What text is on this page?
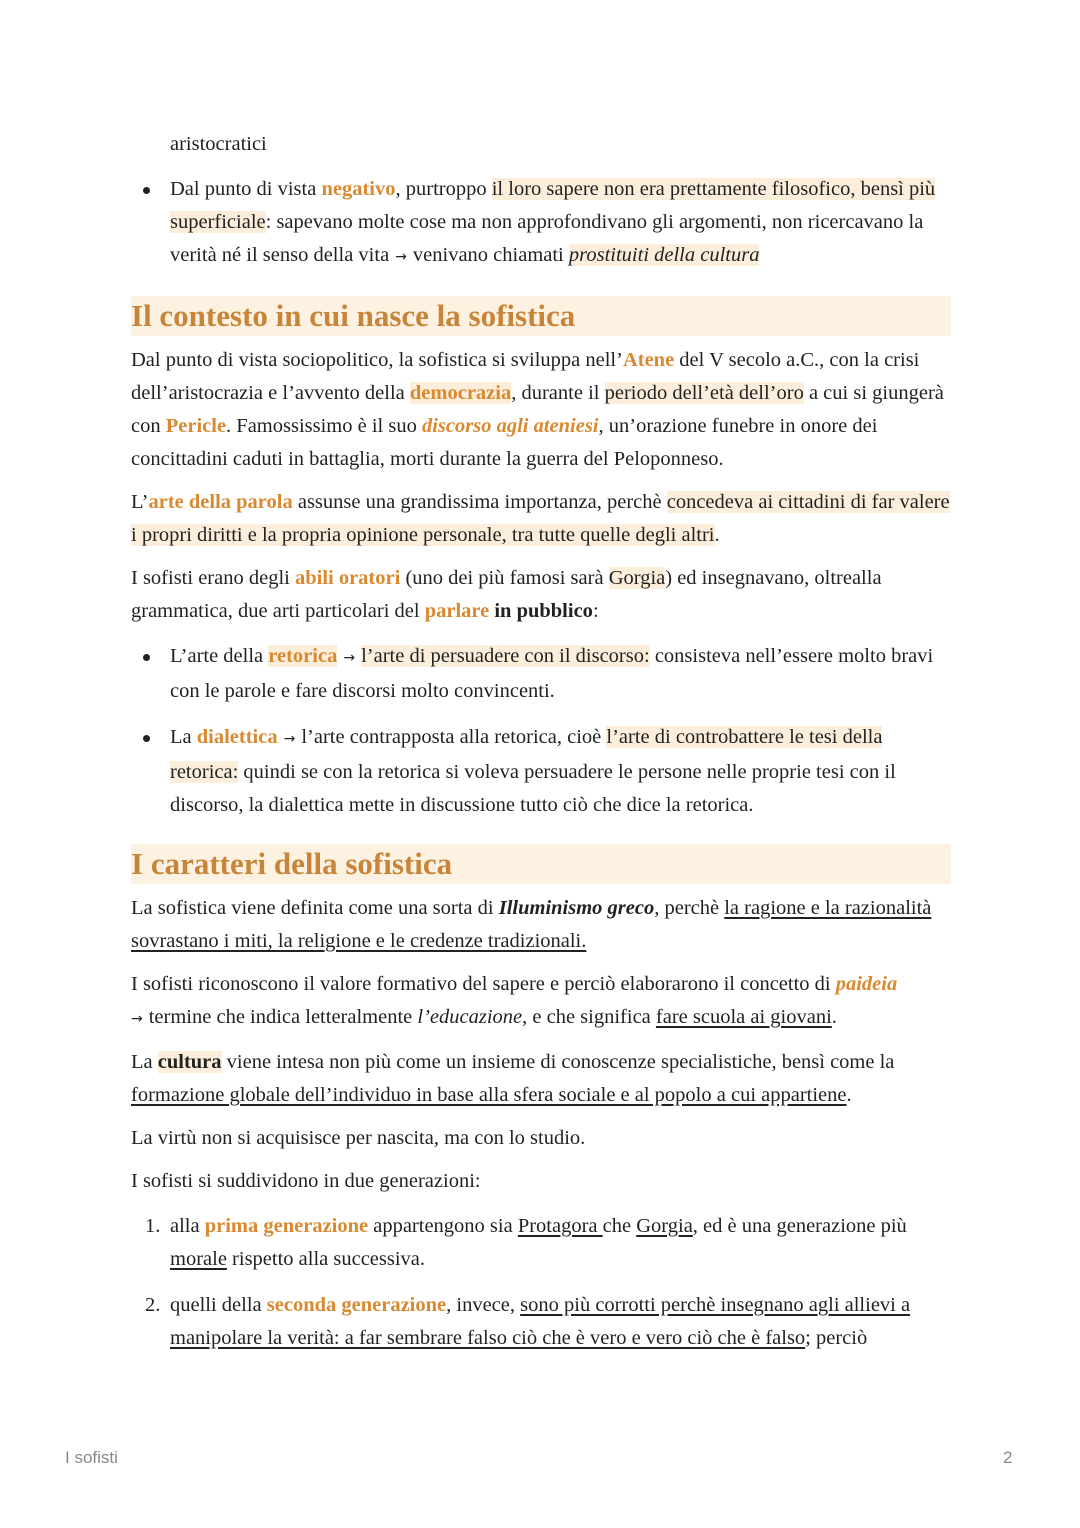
aristocratici

Dal punto di vista negativo, purtroppo il loro sapere non era prettamente filosofico, bensì più superficiale: sapevano molte cose ma non approfondivano gli argomenti, non ricercavano la verità né il senso della vita → venivano chiamati prostituiti della cultura
Il contesto in cui nasce la sofistica

Dal punto di vista sociopolitico, la sofistica si sviluppa nell’Atene del V secolo a.C., con la crisi dell’aristocrazia e l’avvento della democrazia, durante il periodo dell’età dell’oro a cui si giungerà con Pericle. Famossissimo è il suo discorso agli ateniesi, un’orazione funebre in onore dei concittadini caduti in battaglia, morti durante la guerra del Peloponneso.

L’arte della parola assunse una grandissima importanza, perchè concedeva ai cittadini di far valere i propri diritti e la propria opinione personale, tra tutte quelle degli altri.

I sofisti erano degli abili oratori (uno dei più famosi sarà Gorgia) ed insegnavano, oltrealla grammatica, due arti particolari del parlare in pubblico:

L’arte della retorica → l’arte di persuadere con il discorso: consisteva nell’essere molto bravi con le parole e fare discorsi molto convincenti.
La dialettica → l’arte contrapposta alla retorica, cioè l’arte di controbattere le tesi della retorica: quindi se con la retorica si voleva persuadere le persone nelle proprie tesi con il discorso, la dialettica mette in discussione tutto ciò che dice la retorica.
I caratteri della sofistica

La sofistica viene definita come una sorta di Illuminismo greco, perchè la ragione e la razionalità sovrastano i miti, la religione e le credenze tradizionali.

I sofisti riconoscono il valore formativo del sapere e perciò elaborarono il concetto di paideia
→ termine che indica letteralmente l’educazione, e che significa fare scuola ai giovani.

La cultura viene intesa non più come un insieme di conoscenze specialistiche, bensì come la formazione globale dell’individuo in base alla sfera sociale e al popolo a cui appartiene.

La virtù non si acquisisce per nascita, ma con lo studio.

I sofisti si suddividono in due generazioni:

1. alla prima generazione appartengono sia Protagora che Gorgia, ed è una generazione più morale rispetto alla successiva.
2. quelli della seconda generazione, invece, sono più corrotti perchè insegnano agli allievi a manipolare la verità: a far sembrare falso ciò che è vero e vero ciò che è falso; perciò
I sofisti	2
